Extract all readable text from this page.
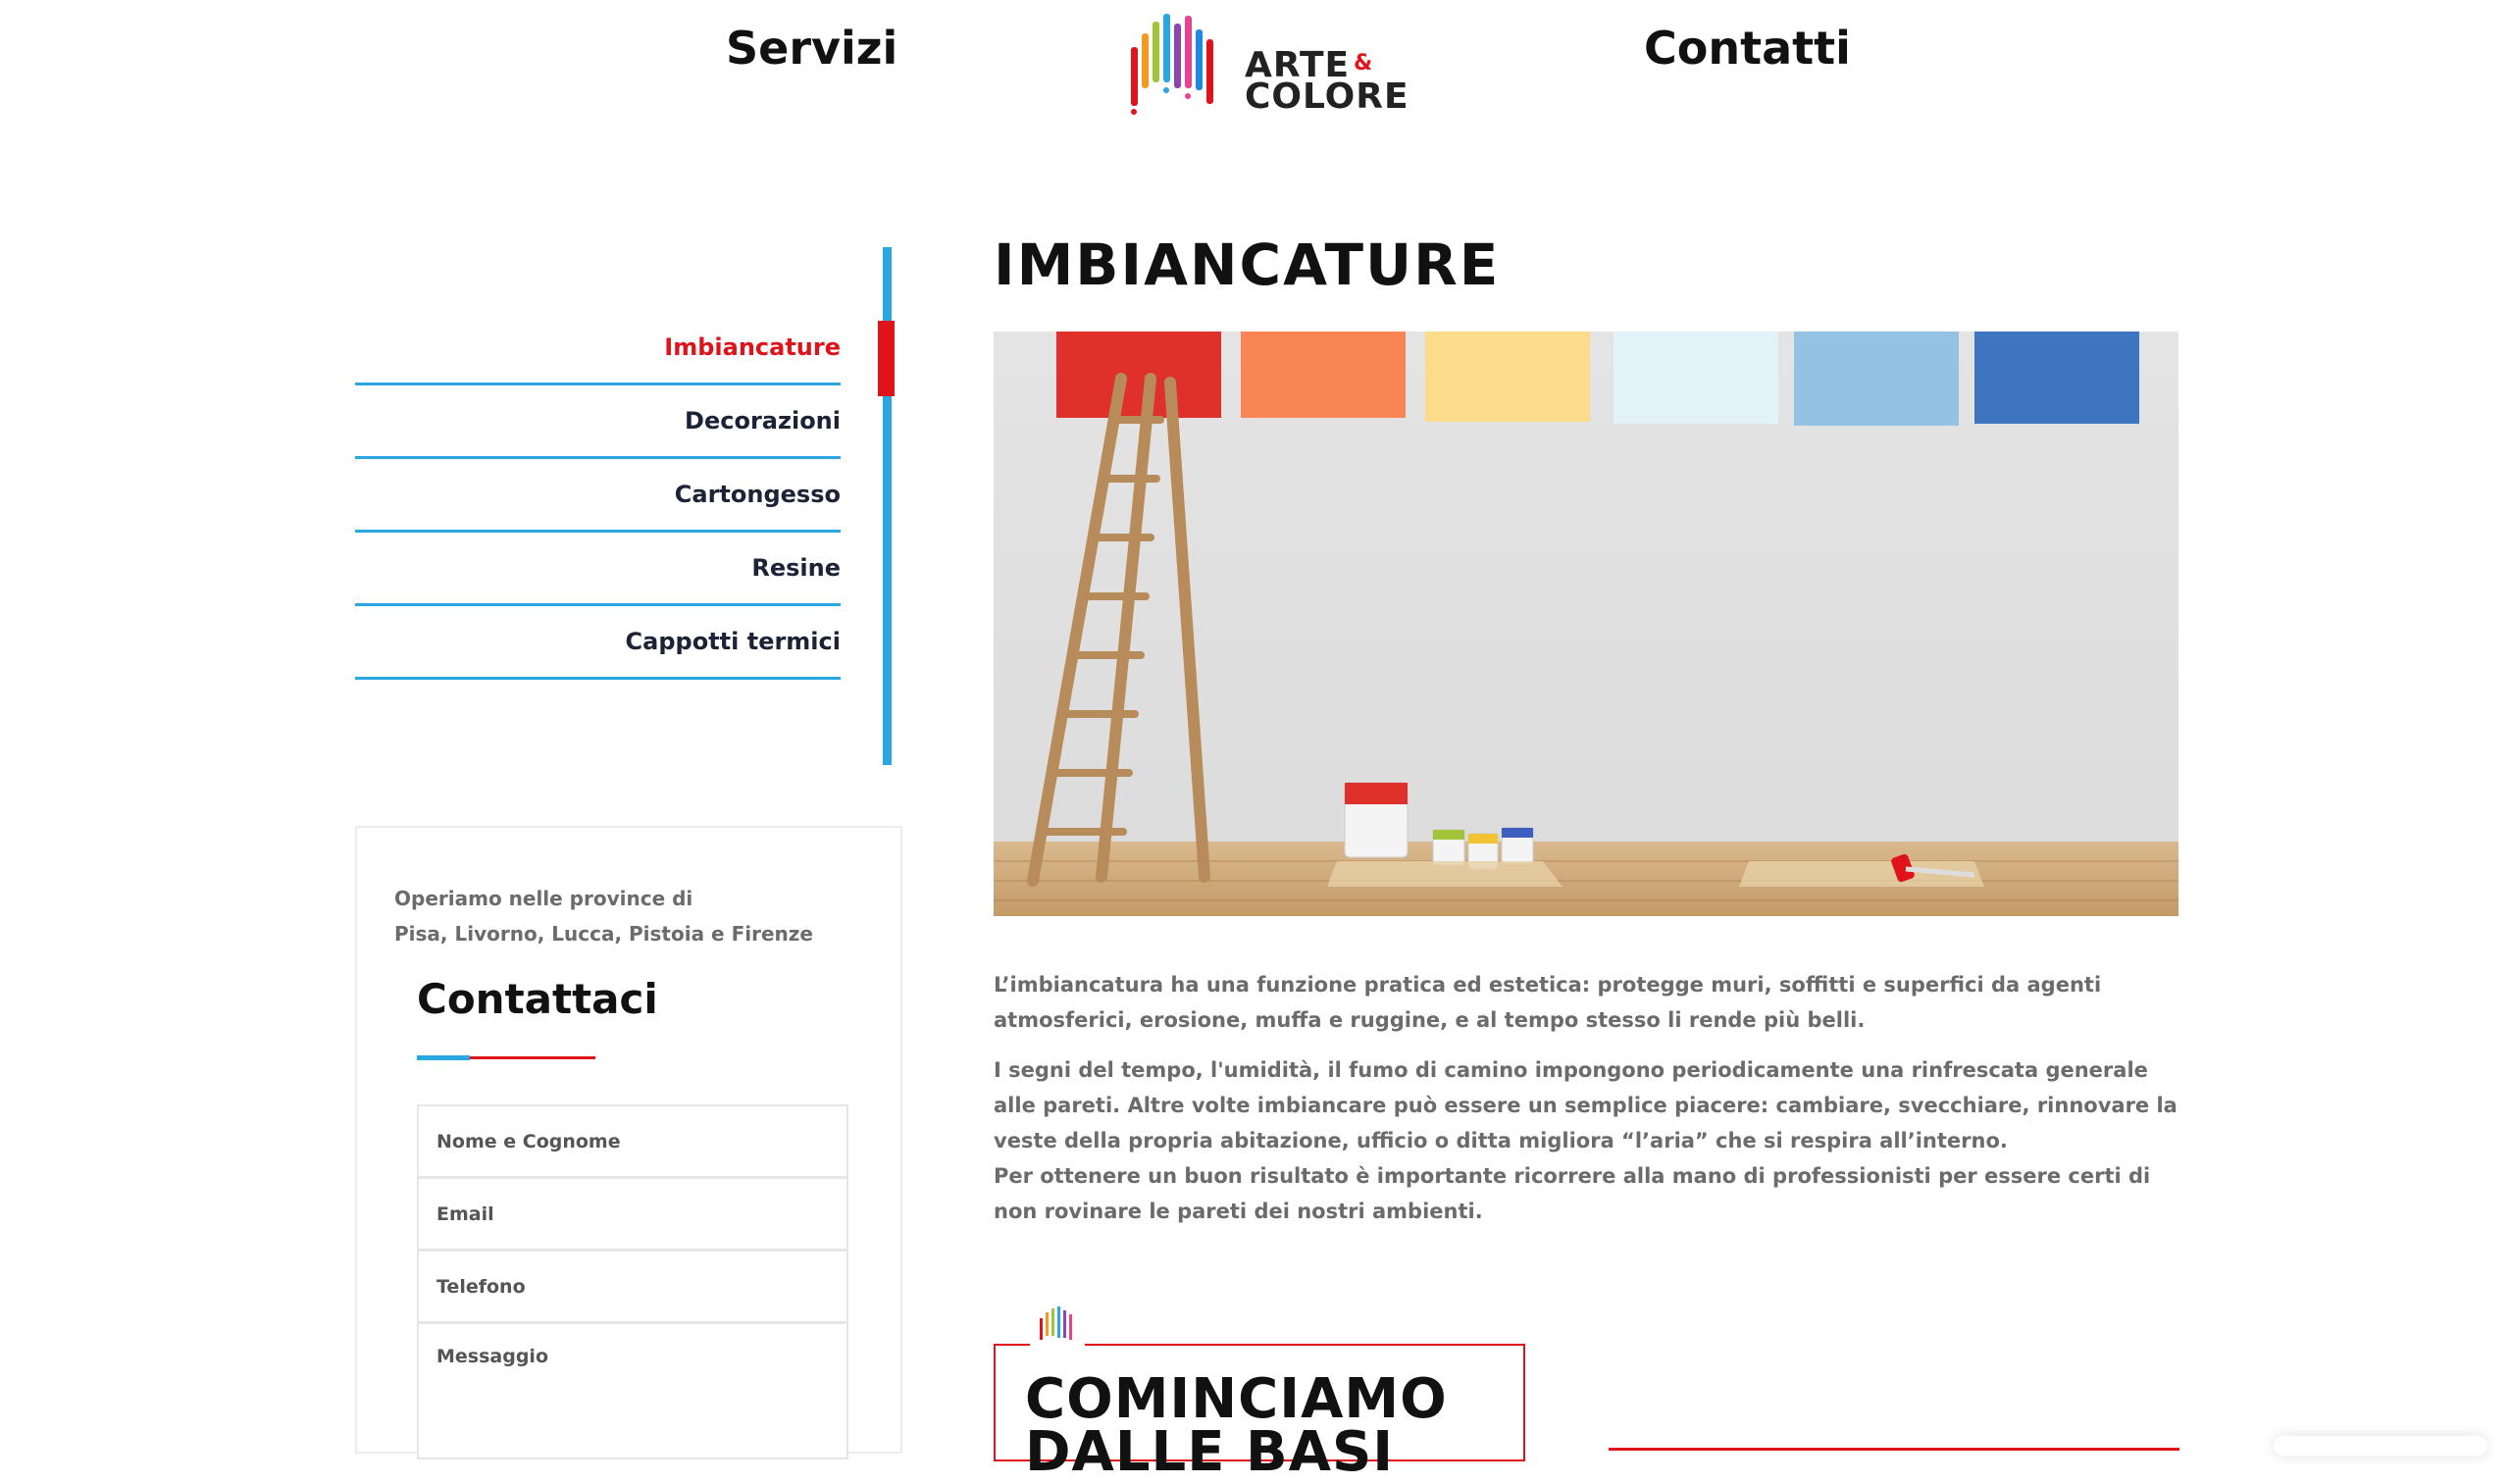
Servizi	ARTE &
COLORE
Contatti
Imbiancature
Decorazioni
Cartongesso
Resine
Cappotti termici
Operiamo nelle province di
Pisa, Livorno, Lucca, Pistoia e Firenze
Contattaci
Nome e Cognome
Email
Telefono
Messaggio
IMBIANCATURE
L’imbiancatura ha una funzione pratica ed estetica: protegge muri, soffitti e superfici da agenti atmosferici, erosione, muffa e ruggine, e al tempo stesso li rende più belli.
I segni del tempo, l'umidità, il fumo di camino impongono periodicamente una rinfrescata generale alle pareti. Altre volte imbiancare può essere un semplice piacere: cambiare, svecchiare, rinnovare la veste della propria abitazione, ufficio o ditta migliora “l’aria” che si respira all’interno.
Per ottenere un buon risultato è importante ricorrere alla mano di professionisti per essere certi di non rovinare le pareti dei nostri ambienti.
COMINCIAMO DALLE BASI
